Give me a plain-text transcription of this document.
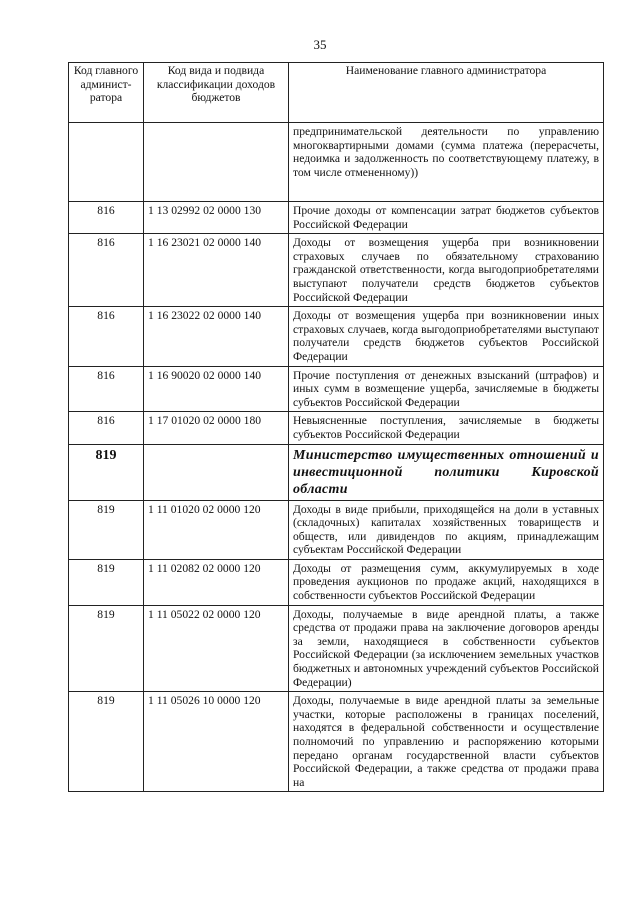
35
Код главного админист-ратора	Код вида и подвида классификации доходов бюджетов	Наименование главного администратора
		предпринимательской деятельности по управлению многоквартирными домами (сумма платежа (перерасчеты, недоимка и задолженность по соответствующему платежу, в том числе отмененному))
816	1 13 02992 02 0000 130	Прочие доходы от компенсации затрат бюджетов субъектов Российской Федерации
816	1 16 23021 02 0000 140	Доходы от возмещения ущерба при возникновении страховых случаев по обязательному страхованию гражданской ответственности, когда выгодоприобретателями выступают получатели средств бюджетов субъектов Российской Федерации
816	1 16 23022 02 0000 140	Доходы от возмещения ущерба при возникновении иных страховых случаев, когда выгодоприобретателями выступают получатели средств бюджетов субъектов Российской Федерации
816	1 16 90020 02 0000 140	Прочие поступления от денежных взысканий (штрафов) и иных сумм в возмещение ущерба, зачисляемые в бюджеты субъектов Российской Федерации
816	1 17 01020 02 0000 180	Невыясненные поступления, зачисляемые в бюджеты субъектов Российской Федерации
819		Министерство имущественных отношений и инвестиционной политики Кировской области
819	1 11 01020 02 0000 120	Доходы в виде прибыли, приходящейся на доли в уставных (складочных) капиталах хозяйственных товариществ и обществ, или дивидендов по акциям, принадлежащим субъектам Российской Федерации
819	1 11 02082 02 0000 120	Доходы от размещения сумм, аккумулируемых в ходе проведения аукционов по продаже акций, находящихся в собственности субъектов Российской Федерации
819	1 11 05022 02 0000 120	Доходы, получаемые в виде арендной платы, а также средства от продажи права на заключение договоров аренды за земли, находящиеся в собственности субъектов Российской Федерации (за исключением земельных участков бюджетных и автономных учреждений субъектов Российской Федерации)
819	1 11 05026 10 0000 120	Доходы, получаемые в виде арендной платы за земельные участки, которые расположены в границах поселений, находятся в федеральной собственности и осуществление полномочий по управлению и распоряжению которыми передано органам государственной власти субъектов Российской Федерации, а также средства от продажи права на
